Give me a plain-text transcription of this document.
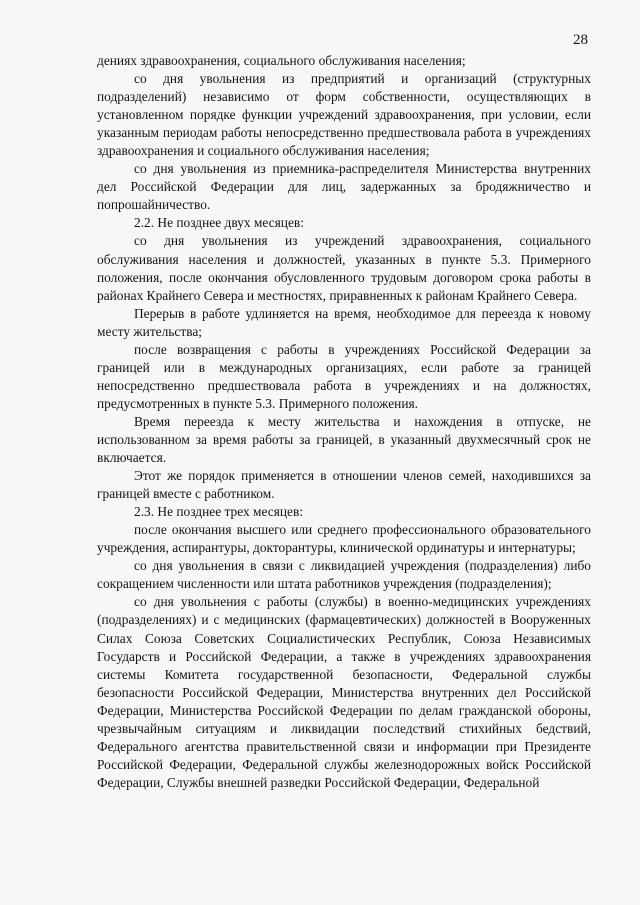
28

дениях здравоохранения, социального обслуживания населения;

со дня увольнения из предприятий и организаций (структурных подразделений) независимо от форм собственности, осуществляющих в установленном порядке функции учреждений здравоохранения, при условии, если указанным периодам работы непосредственно предшествовала работа в учреждениях здравоохранения и социального обслуживания населения;

со дня увольнения из приемника-распределителя Министерства внутренних дел Российской Федерации для лиц, задержанных за бродяжничество и попрошайничество.

2.2. Не позднее двух месяцев:

со дня увольнения из учреждений здравоохранения, социального обслуживания населения и должностей, указанных в пункте 5.3. Примерного положения, после окончания обусловленного трудовым договором срока работы в районах Крайнего Севера и местностях, приравненных к районам Крайнего Севера.

Перерыв в работе удлиняется на время, необходимое для переезда к новому месту жительства;

после возвращения с работы в учреждениях Российской Федерации за границей или в международных организациях, если работе за границей непосредственно предшествовала работа в учреждениях и на должностях, предусмотренных в пункте 5.3. Примерного положения.

Время переезда к месту жительства и нахождения в отпуске, не использованном за время работы за границей, в указанный двухмесячный срок не включается.

Этот же порядок применяется в отношении членов семей, находившихся за границей вместе с работником.

2.3. Не позднее трех месяцев:

после окончания высшего или среднего профессионального образовательного учреждения, аспирантуры, докторантуры, клинической ординатуры и интернатуры;

со дня увольнения в связи с ликвидацией учреждения (подразделения) либо сокращением численности или штата работников учреждения (подразделения);

со дня увольнения с работы (службы) в военно-медицинских учреждениях (подразделениях) и с медицинских (фармацевтических) должностей в Вооруженных Силах Союза Советских Социалистических Республик, Союза Независимых Государств и Российской Федерации, а также в учреждениях здравоохранения системы Комитета государственной безопасности, Федеральной службы безопасности Российской Федерации, Министерства внутренних дел Российской Федерации, Министерства Российской Федерации по делам гражданской обороны, чрезвычайным ситуациям и ликвидации последствий стихийных бедствий, Федерального агентства правительственной связи и информации при Президенте Российской Федерации, Федеральной службы железнодорожных войск Российской Федерации, Службы внешней разведки Российской Федерации, Федеральной
